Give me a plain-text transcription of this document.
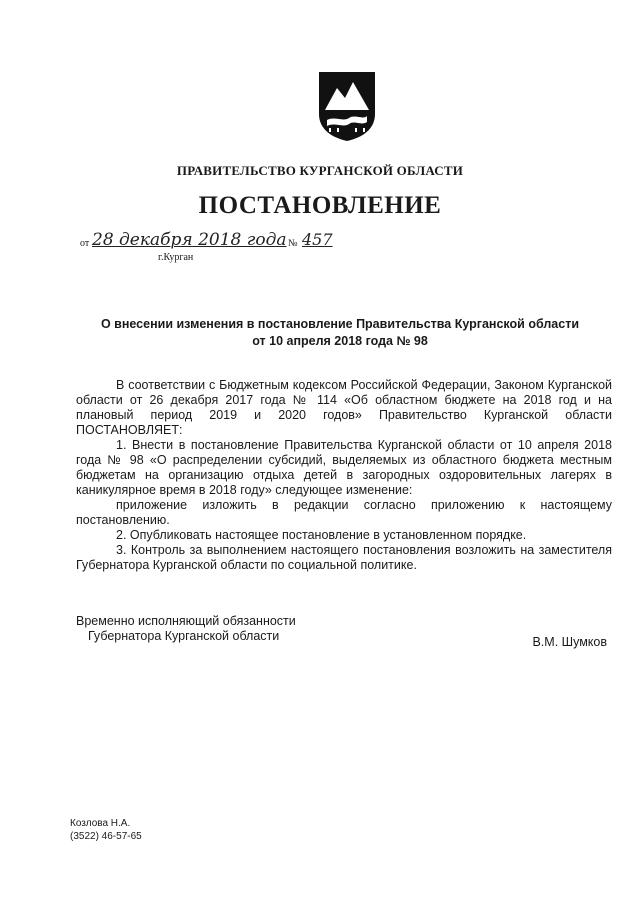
ПРАВИТЕЛЬСТВО КУРГАНСКОЙ ОБЛАСТИ
ПОСТАНОВЛЕНИЕ
от 28 декабря 2018 года № 457
г.Курган
О внесении изменения в постановление Правительства Курганской области
от 10 апреля 2018 года № 98

В соответствии с Бюджетным кодексом Российской Федерации, Законом Курганской области от 26 декабря 2017 года № 114 «Об областном бюджете на 2018 год и на плановый период 2019 и 2020 годов» Правительство Курганской области ПОСТАНОВЛЯЕТ:

1. Внести в постановление Правительства Курганской области от 10 апреля 2018 года № 98 «О распределении субсидий, выделяемых из областного бюджета местным бюджетам на организацию отдыха детей в загородных оздоровительных лагерях в каникулярное время в 2018 году» следующее изменение:

приложение изложить в редакции согласно приложению к настоящему постановлению.

2. Опубликовать настоящее постановление в установленном порядке.

3. Контроль за выполнением настоящего постановления возложить на заместителя Губернатора Курганской области по социальной политике.

Временно исполняющий обязанности
Губернатора Курганской области	В.М. Шумков
Козлова Н.А.
(3522) 46-57-65
